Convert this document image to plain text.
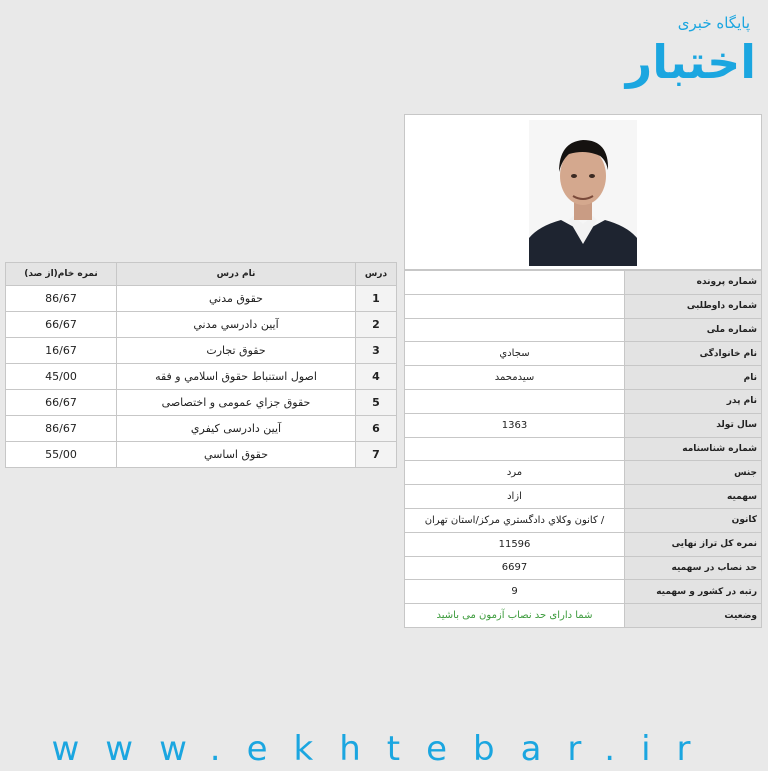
پایگاه خبری
اختبار
درس	نام درس	نمره خام(از صد)
1	حقوق مدني	86/67
2	آيين دادرسي مدني	66/67
3	حقوق تجارت	16/67
4	اصول استنباط حقوق اسلامي و فقه	45/00
5	حقوق جزاي عمومی و اختصاصی	66/67
6	آيين دادرسی کيفري	86/67
7	حقوق اساسي	55/00
شماره پرونده	
شماره داوطلبی	
شماره ملی	
نام خانوادگی	سجادي
نام	سیدمحمد
نام پدر	
سال تولد	1363
شماره شناسنامه	
جنس	مرد
سهمیه	ازاد
کانون	/ کانون وکلاي دادگستري مرکز/استان تهران
نمره کل تراز نهایی	11596
حد نصاب در سهمیه	6697
رتبه در کشور و سهمیه	9
وضعیت	شما دارای حد نصاب آزمون می باشید
www.ekhtebar.ir
